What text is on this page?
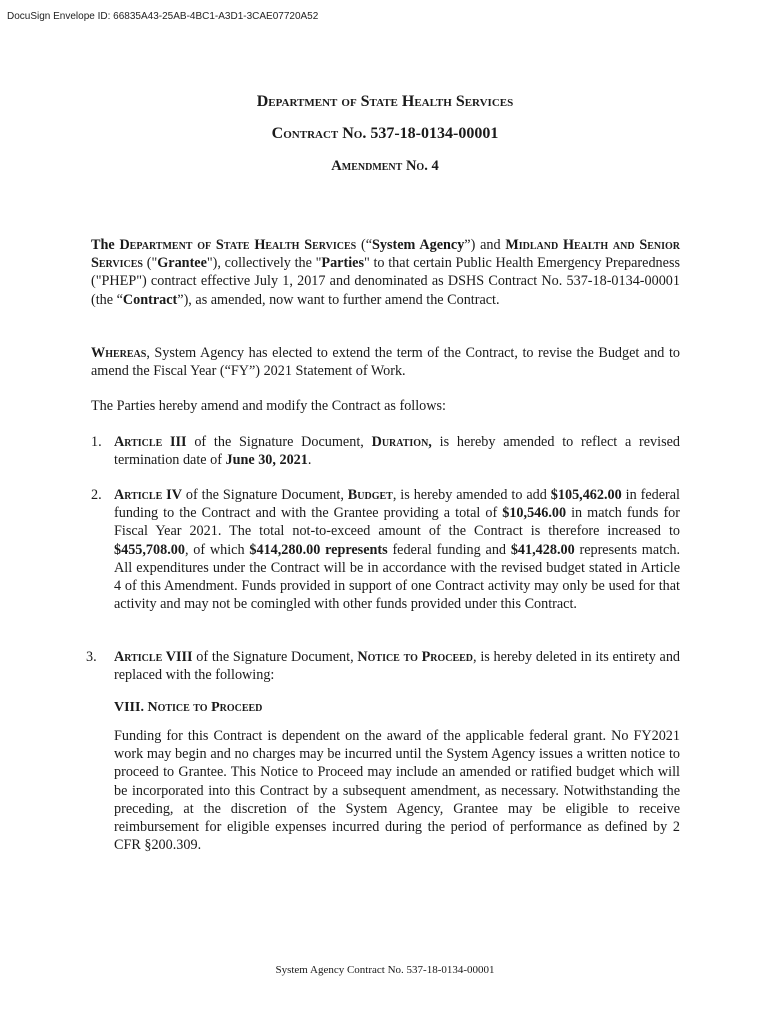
DocuSign Envelope ID: 66835A43-25AB-4BC1-A3D1-3CAE07720A52
Department of State Health Services
Contract No. 537-18-0134-00001
Amendment No. 4
The Department of State Health Services (“System Agency”) and Midland Health and Senior Services ("Grantee"), collectively the "Parties" to that certain Public Health Emergency Preparedness ("PHEP") contract effective July 1, 2017 and denominated as DSHS Contract No. 537-18-0134-00001 (the “Contract”), as amended, now want to further amend the Contract.
Whereas, System Agency has elected to extend the term of the Contract, to revise the Budget and to amend the Fiscal Year (“FY”) 2021 Statement of Work.
The Parties hereby amend and modify the Contract as follows:
1. Article III of the Signature Document, Duration, is hereby amended to reflect a revised termination date of June 30, 2021.
2. Article IV of the Signature Document, Budget, is hereby amended to add $105,462.00 in federal funding to the Contract and with the Grantee providing a total of $10,546.00 in match funds for Fiscal Year 2021. The total not-to-exceed amount of the Contract is therefore increased to $455,708.00, of which $414,280.00 represents federal funding and $41,428.00 represents match. All expenditures under the Contract will be in accordance with the revised budget stated in Article 4 of this Amendment. Funds provided in support of one Contract activity may only be used for that activity and may not be comingled with other funds provided under this Contract.
3. Article VIII of the Signature Document, Notice to Proceed, is hereby deleted in its entirety and replaced with the following:
VIII. Notice to Proceed
Funding for this Contract is dependent on the award of the applicable federal grant. No FY2021 work may begin and no charges may be incurred until the System Agency issues a written notice to proceed to Grantee. This Notice to Proceed may include an amended or ratified budget which will be incorporated into this Contract by a subsequent amendment, as necessary. Notwithstanding the preceding, at the discretion of the System Agency, Grantee may be eligible to receive reimbursement for eligible expenses incurred during the period of performance as defined by 2 CFR §200.309.
System Agency Contract No. 537-18-0134-00001
